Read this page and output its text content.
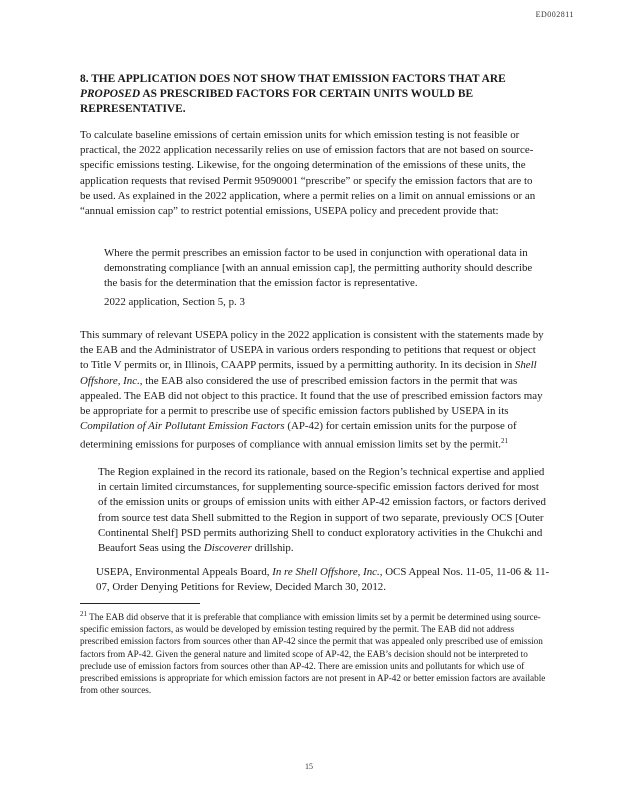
ED002811
8. THE APPLICATION DOES NOT SHOW THAT EMISSION FACTORS THAT ARE
PROPOSED AS PRESCRIBED FACTORS FOR CERTAIN UNITS WOULD BE
REPRESENTATIVE.
To calculate baseline emissions of certain emission units for which emission testing is not feasible or practical, the 2022 application necessarily relies on use of emission factors that are not based on source-specific emissions testing. Likewise, for the ongoing determination of the emissions of these units, the application requests that revised Permit 95090001 “prescribe” or specify the emission factors that are to be used. As explained in the 2022 application, where a permit relies on a limit on annual emissions or an “annual emission cap” to restrict potential emissions, USEPA policy and precedent provide that:
Where the permit prescribes an emission factor to be used in conjunction with operational data in demonstrating compliance [with an annual emission cap], the permitting authority should describe the basis for the determination that the emission factor is representative.
2022 application, Section 5, p. 3
This summary of relevant USEPA policy in the 2022 application is consistent with the statements made by the EAB and the Administrator of USEPA in various orders responding to petitions that request or object to Title V permits or, in Illinois, CAAPP permits, issued by a permitting authority. In its decision in Shell Offshore, Inc., the EAB also considered the use of prescribed emission factors in the permit that was appealed. The EAB did not object to this practice. It found that the use of prescribed emission factors may be appropriate for a permit to prescribe use of specific emission factors published by USEPA in its Compilation of Air Pollutant Emission Factors (AP-42) for certain emission units for the purpose of determining emissions for purposes of compliance with annual emission limits set by the permit.$^{21}$
The Region explained in the record its rationale, based on the Region’s technical expertise and applied in certain limited circumstances, for supplementing source-specific emission factors derived for most of the emission units or groups of emission units with either AP-42 emission factors, or factors derived from source test data Shell submitted to the Region in support of two separate, previously OCS [Outer Continental Shelf] PSD permits authorizing Shell to conduct exploratory activities in the Chukchi and Beaufort Seas using the Discoverer drillship.
USEPA, Environmental Appeals Board, In re Shell Offshore, Inc., OCS Appeal Nos. 11-05, 11-06 & 11-07, Order Denying Petitions for Review, Decided March 30, 2012.
$^{21}$ The EAB did observe that it is preferable that compliance with emission limits set by a permit be determined using source-specific emission factors, as would be developed by emission testing required by the permit. The EAB did not address prescribed emission factors from sources other than AP-42 since the permit that was appealed only prescribed use of emission factors from AP-42. Given the general nature and limited scope of AP-42, the EAB’s decision should not be interpreted to preclude use of emission factors from sources other than AP-42. There are emission units and pollutants for which use of prescribed emissions is appropriate for which emission factors are not present in AP-42 or better emission factors are available from other sources.
15
